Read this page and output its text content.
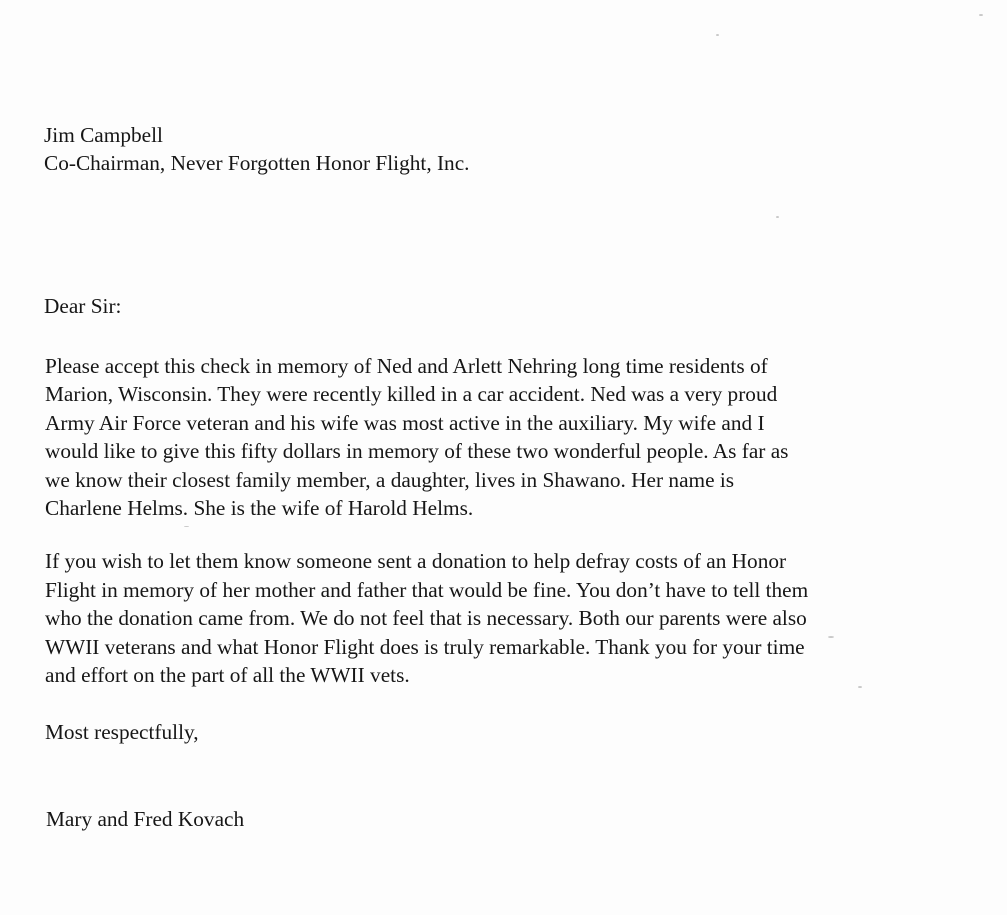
Jim Campbell
Co-Chairman, Never Forgotten Honor Flight, Inc.
Dear Sir:
Please accept this check in memory of Ned and Arlett Nehring long time residents of
Marion, Wisconsin. They were recently killed in a car accident. Ned was a very proud
Army Air Force veteran and his wife was most active in the auxiliary. My wife and I
would like to give this fifty dollars in memory of these two wonderful people. As far as
we know their closest family member, a daughter, lives in Shawano. Her name is
Charlene Helms. She is the wife of Harold Helms.
If you wish to let them know someone sent a donation to help defray costs of an Honor
Flight in memory of her mother and father that would be fine. You don’t have to tell them
who the donation came from. We do not feel that is necessary. Both our parents were also
WWII veterans and what Honor Flight does is truly remarkable. Thank you for your time
and effort on the part of all the WWII vets.
Most respectfully,
Mary and Fred Kovach
